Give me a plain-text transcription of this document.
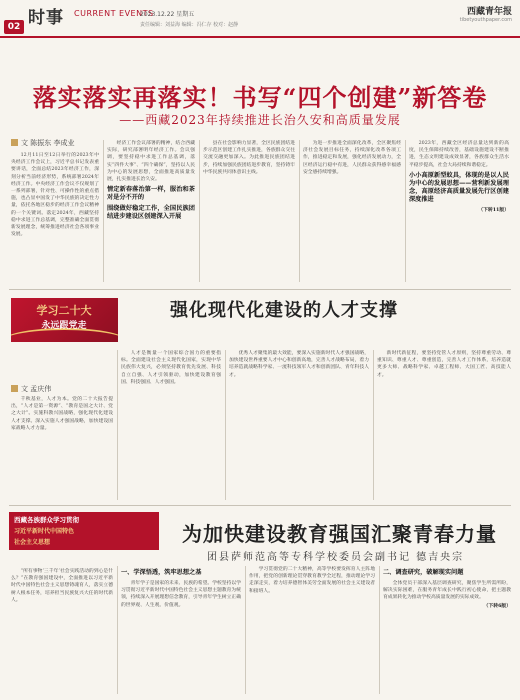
02 时事 CURRENT EVENTS
2023.12.22 星期五
责任编辑：刘益海 编辑：冯仁存 校对：赵静
西藏青年报
tibetyouthpaper.com
落实落实再落实！书写“四个创建”新答卷
——西藏2023年持续推进长治久安和高质量发展
文 陈振东 李成业

12月11日至12日举行的2023年中央经济工作会议上，习近平总书记发表重要讲话，全面总结2023年经济工作，深刻分析当前经济形势，系统部署2024年经济工作。中央经济工作会议不仅规划了一系列部署，针对性、可操作性的重点措施，也凸显中国发了中华民族的决定性力量，依托各地区稳步的经济工作会议精神的一个关键词。落定2024年，西藏坚持稳中求进工作总基调，完整准确全面贯彻新发展理念，统筹推进经济社会各项事业发展。

经济工作会议部署的精神，结合西藏实际，研究部署明年经济工作。会议强调，要坚持稳中求进工作总基调，落实“四件大事”、“四个确保”，坚持以人民为中心的发展思想，全面推进高质量发展，扎实推进长治久安。

情定新春落治第一样，服治和茶对是分不开的
围绕做好稳定工作，全国民族团结进步建设区创建深入开展

县在社会影响力显著，全区民族团结进步示范区创建工作扎实推进，各族群众交往交流交融更加深入。为此推进民族团结进步，持续加强民族团结进步教育，坚持铸牢中华民族共同体意识主线。

为进一步推进全面深化改革，全区聚焦经济社会发展目标任务，持续深化改革各项工作，推进稳定和发展，强化经济发展动力，全区经济运行稳中有进，人民群众获得感幸福感安全感持续增强。

2023年，西藏全区经济总量达到新的高度，民生保障持续改善，基础设施建设不断推进，生态文明建设成效显著，各族群众生活水平稳步提高，社会大局持续和谐稳定。

小小高原新型蚊具，体现的是以人民为中心的发展思想——营利新发展理念，高原经济高质量发展先行区创建深度推进
（下转11版）
学习二十大
永远跟党走
强化现代化建设的人才支撑
文 孟庆伟

千秋基业，人才为本。党的二十大报告提出，“人才是第一资源”、“教育是国之大计、党之大计”。实施科教兴国战略，强化现代化建设人才支撑。深入实施人才强国战略，加快建设国家战略人才力量。

人才是衡量一个国家综合国力的重要指标。全面建设社会主义现代化国家，实现中华民族伟大复兴，必须坚持教育优先发展、科技自立自强、人才引领驱动，加快建设教育强国、科技强国、人才强国。

优秀人才聚集的最大效能，要深入实施新时代人才强国战略，加快建设世界重要人才中心和创新高地，完善人才战略布局，着力培养造就战略科学家、一流科技领军人才和创新团队、青年科技人才。

新时代新征程，要坚持党管人才原则，坚持尊重劳动、尊重知识、尊重人才、尊重创造，完善人才工作体系，培养造就更多大师、战略科学家、卓越工程师、大国工匠、高技能人才。

西藏各族群众学习贯彻
习近平新时代中国特色
社会主义思想	为加快建设教育强国汇聚青春力量
团县萨师范高等专科学校委员会副书记 德吉央宗

“所有事物‘三千年’社会实践活动的到心是什么？”在教育强国建设中，全面推进以习近平新时代中国特色社会主义思想铸魂育人，落实立德树人根本任务，培养担当民族复兴大任的时代新人。

一、学深悟透，筑牢思想之基

青年学子是国家的未来、民族的希望。学校坚持以学习贯彻习近平新时代中国特色社会主义思想主题教育为统领，持续深入开展理想信念教育，引导青年学生树立正确的世界观、人生观、价值观。

学习贯彻党的二十大精神，高等学校要发挥育人主阵地作用，把党的创新理论贯穿教育教学全过程，推动理论学习走深走实，着力培养德智体美劳全面发展的社会主义建设者和接班人。

二、调查研究，破解现实问题

全体党员干部深入基层调查研究，聚焦学生所需所盼，解决实际困难，在服务青年成长中践行初心使命，把主题教育成果转化为推动学校高质量发展的实际成效。

（下转6版）
